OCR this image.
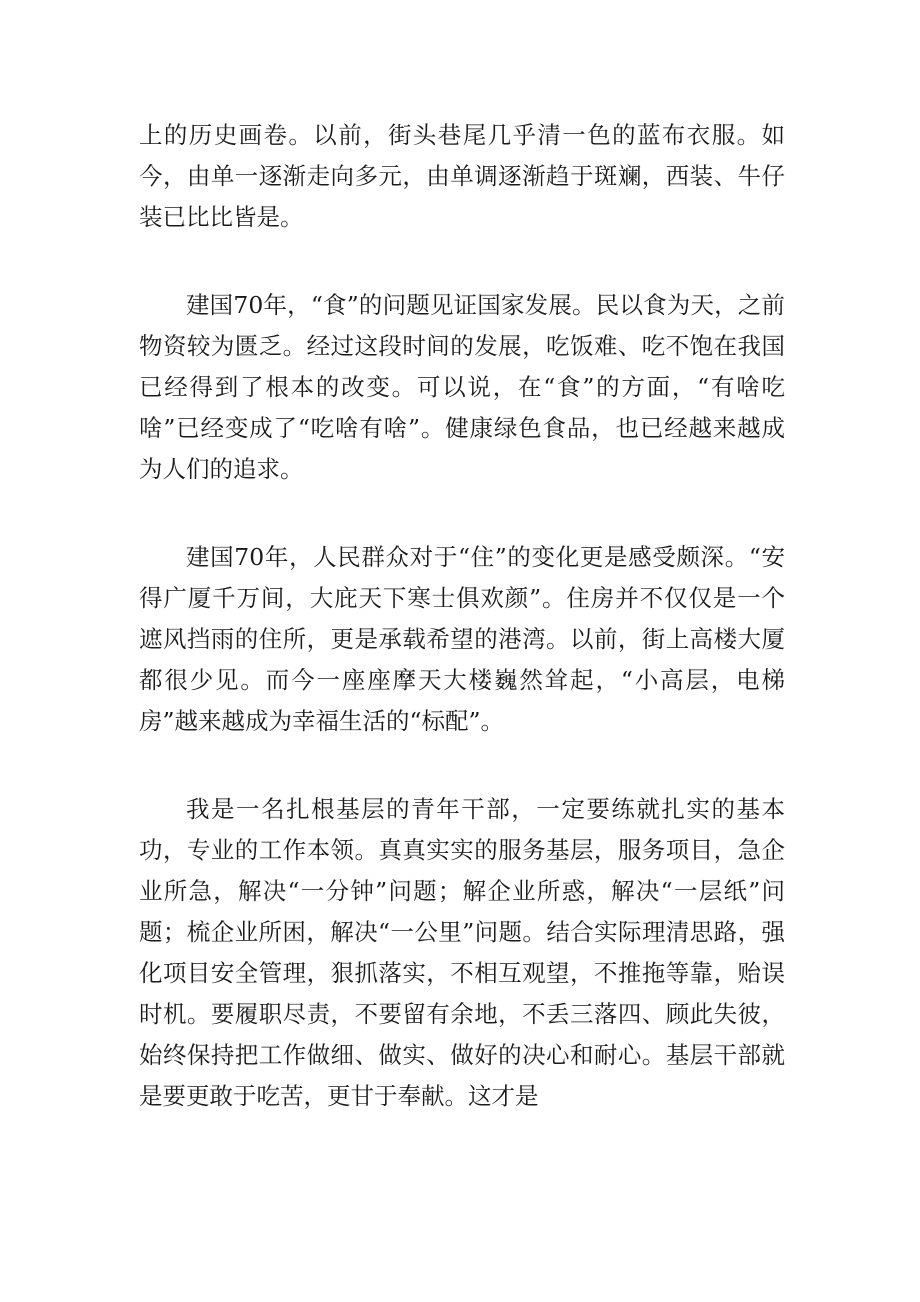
上的历史画卷。以前，街头巷尾几乎清一色的蓝布衣服。如今，由单一逐渐走向多元，由单调逐渐趋于斑斓，西装、牛仔装已比比皆是。

建国70年，“食”的问题见证国家发展。民以食为天，之前物资较为匮乏。经过这段时间的发展，吃饭难、吃不饱在我国已经得到了根本的改变。可以说，在“食”的方面，“有啥吃啥”已经变成了“吃啥有啥”。健康绿色食品，也已经越来越成为人们的追求。

建国70年，人民群众对于“住”的变化更是感受颇深。“安得广厦千万间，大庇天下寒士俱欢颜”。住房并不仅仅是一个遮风挡雨的住所，更是承载希望的港湾。以前，街上高楼大厦都很少见。而今一座座摩天大楼巍然耸起，“小高层，电梯房”越来越成为幸福生活的“标配”。

我是一名扎根基层的青年干部，一定要练就扎实的基本功，专业的工作本领。真真实实的服务基层，服务项目，急企业所急，解决“一分钟”问题；解企业所惑，解决“一层纸”问题；梳企业所困，解决“一公里”问题。结合实际理清思路，强化项目安全管理，狠抓落实，不相互观望，不推拖等靠，贻误时机。要履职尽责，不要留有余地，不丢三落四、顾此失彼，始终保持把工作做细、做实、做好的决心和耐心。基层干部就是要更敢于吃苦，更甘于奉献。这才是
